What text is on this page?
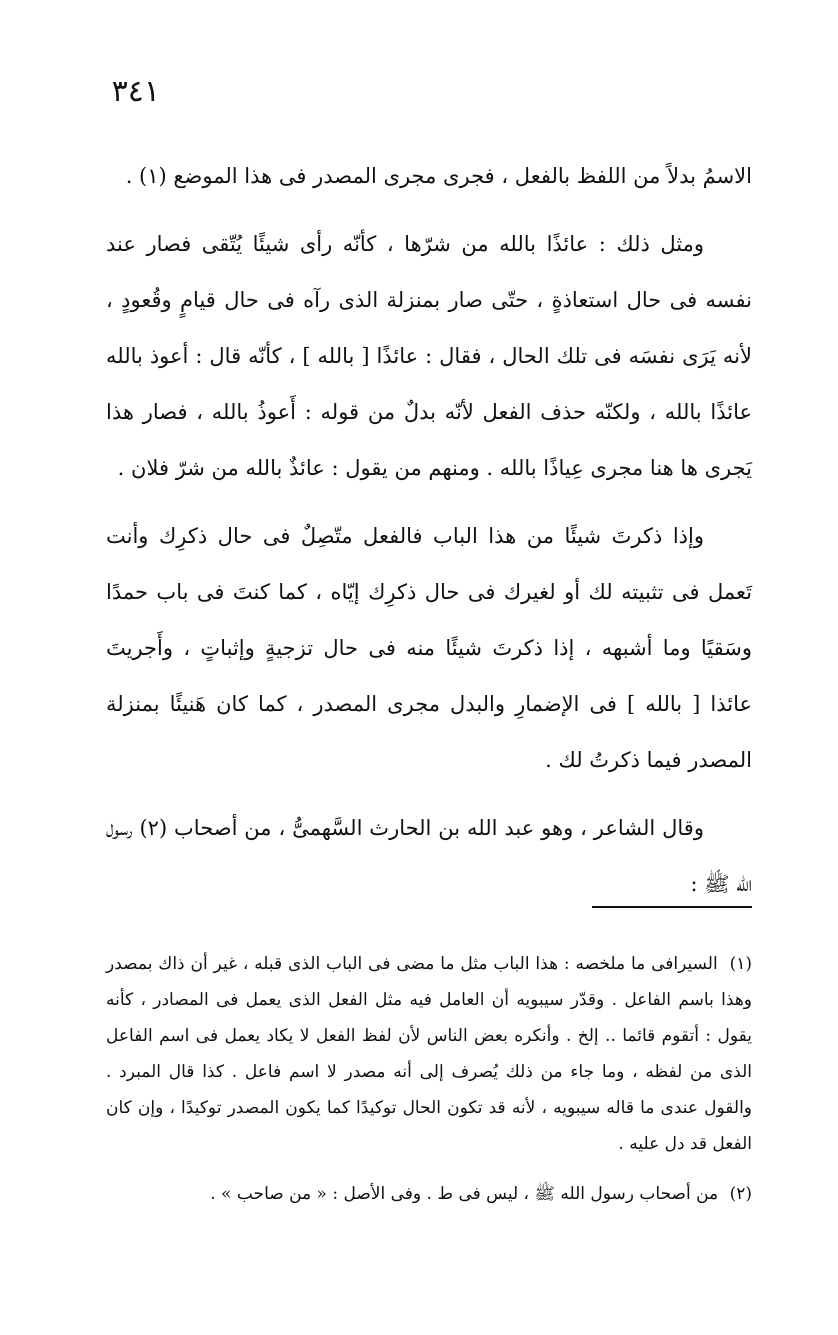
٣٤١

الاسمُ بدلاً من اللفظ بالفعل ، فجرى مجرى المصدر فى هذا الموضع (١) .

ومثل ذلك : عائذًا بالله من شرّها ، كأنّه رأى شيئًا يُتّقى فصار عند نفسه فى حال استعاذةٍ ، حتّى صار بمنزلة الذى رآه فى حال قيامٍ وقُعودٍ ، لأنه يَرَى نفسَه فى تلك الحال ، فقال : عائذًا [ بالله ] ، كأنّه قال : أعوذ بالله عائذًا بالله ، ولكنّه حذف الفعل لأنّه بدلٌ من قوله : أَعوذُ بالله ، فصار هذا يَجرى ها هنا مجرى عِياذًا بالله . ومنهم من يقول : عائذٌ بالله من شرّ فلان .

وإذا ذكرتَ شيئًا من هذا الباب فالفعل متّصِلٌ فى حال ذكرِك وأنت تَعمل فى تثبيته لك أو لغيرك فى حال ذكرِك إيّاه ، كما كنتَ فى باب حمدًا وسَقيًا وما أشبهه ، إذا ذكرتَ شيئًا منه فى حال تزجيةٍ وإثباتٍ ، وأَجريتَ عائذا [ بالله ] فى الإضمارِ والبدل مجرى المصدر ، كما كان هَنيئًا بمنزلة المصدر فيما ذكرتُ لك .

وقال الشاعر ، وهو عبد الله بن الحارث السَّهمىُّ ، من أصحاب (٢) رسول الله ﷺ :

(١) السيرافى ما ملخصه : هذا الباب مثل ما مضى فى الباب الذى قبله ، غير أن ذاك بمصدر وهذا باسم الفاعل . وقدّر سيبويه أن العامل فيه مثل الفعل الذى يعمل فى المصادر ، كأنه يقول : أتقوم قائما .. إلخ . وأنكره بعض الناس لأن لفظ الفعل لا يكاد يعمل فى اسم الفاعل الذى من لفظه ، وما جاء من ذلك يُصرف إلى أنه مصدر لا اسم فاعل . كذا قال المبرد . والقول عندى ما قاله سيبويه ، لأنه قد تكون الحال توكيدًا كما يكون المصدر توكيدًا ، وإن كان الفعل قد دل عليه .

(٢) من أصحاب رسول الله ﷺ ، ليس فى ط . وفى الأصل : « من صاحب » .
